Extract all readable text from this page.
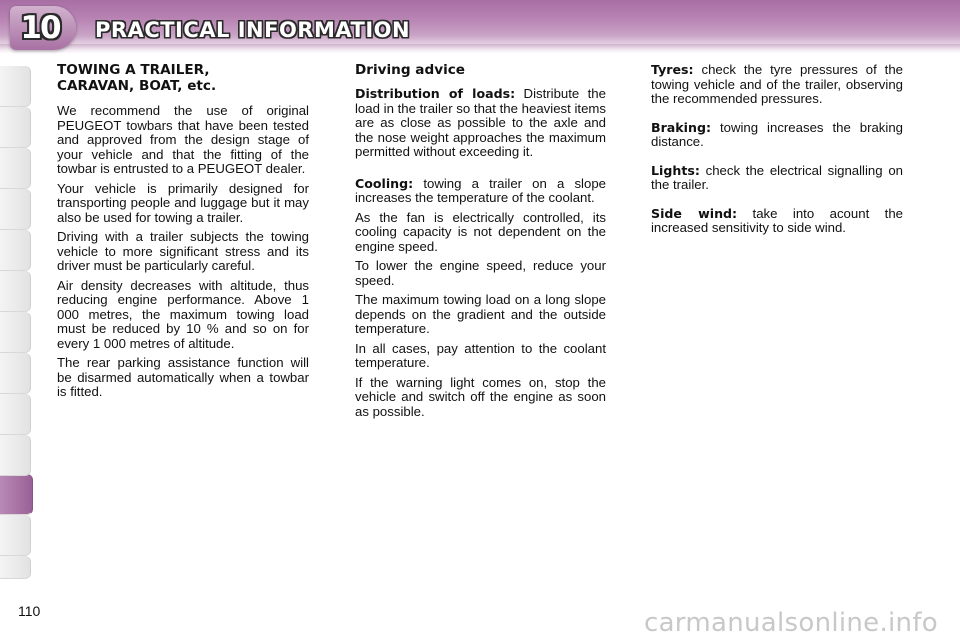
10 PRACTICAL INFORMATION
TOWING A TRAILER,
CARAVAN, BOAT, etc.

We recommend the use of original PEUGEOT towbars that have been tested and approved from the design stage of your vehicle and that the fitting of the towbar is entrusted to a PEUGEOT dealer.

Your vehicle is primarily designed for transporting people and luggage but it may also be used for towing a trailer.

Driving with a trailer subjects the towing vehicle to more significant stress and its driver must be particularly careful.

Air density decreases with altitude, thus reducing engine performance. Above 1 000 metres, the maximum towing load must be reduced by 10 % and so on for every 1 000 metres of altitude.

The rear parking assistance function will be disarmed automatically when a towbar is fitted.

Driving advice

Distribution of loads: Distribute the load in the trailer so that the heaviest items are as close as possible to the axle and the nose weight approaches the maximum permitted without exceeding it.

Cooling: towing a trailer on a slope increases the temperature of the coolant.

As the fan is electrically controlled, its cooling capacity is not dependent on the engine speed.

To lower the engine speed, reduce your speed.

The maximum towing load on a long slope depends on the gradient and the outside temperature.

In all cases, pay attention to the coolant temperature.

If the warning light comes on, stop the vehicle and switch off the engine as soon as possible.

Tyres: check the tyre pressures of the towing vehicle and of the trailer, observing the recommended pressures.

Braking: towing increases the braking distance.

Lights: check the electrical signalling on the trailer.

Side wind: take into acount the increased sensitivity to side wind.

110	carmanualsonline.info
